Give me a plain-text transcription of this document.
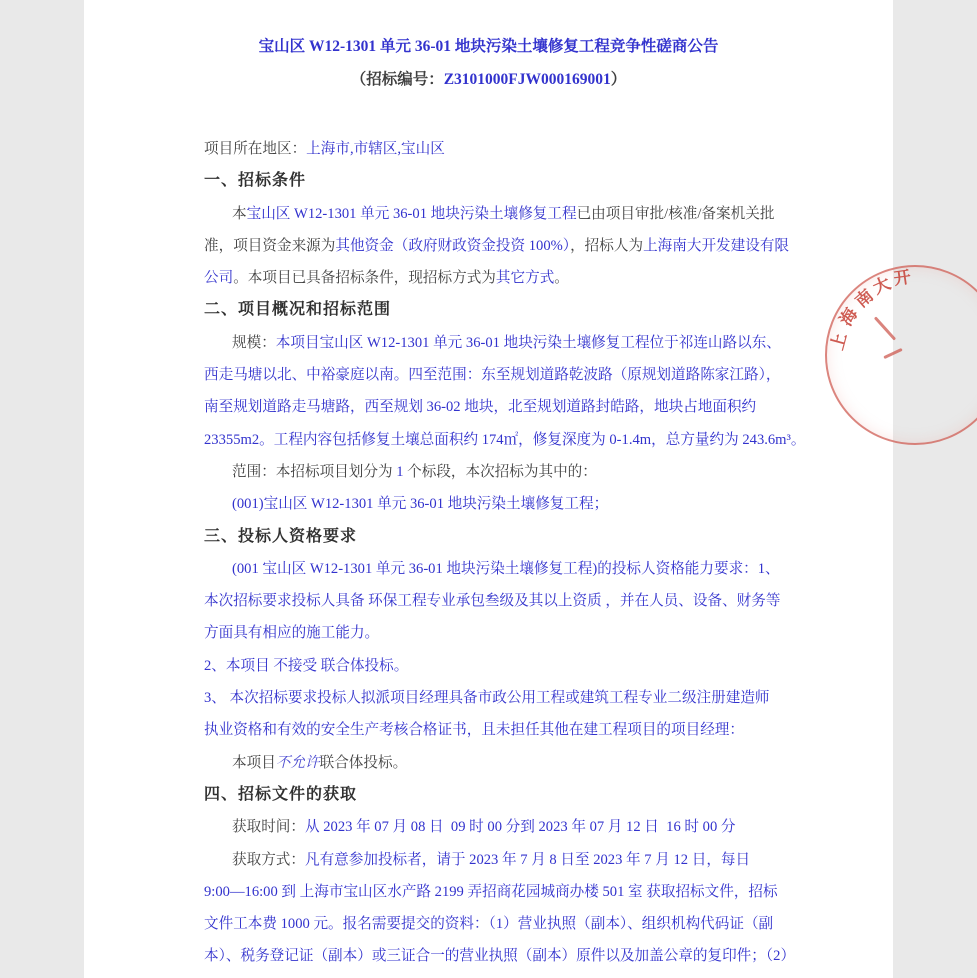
宝山区 W12-1301 单元 36-01 地块污染土壤修复工程竞争性磋商公告
（招标编号：Z3101000FJW000169001）
项目所在地区：上海市,市辖区,宝山区
一、招标条件
本宝山区 W12-1301 单元 36-01 地块污染土壤修复工程已由项目审批/核准/备案机关批
准，项目资金来源为其他资金（政府财政资金投资 100%），招标人为上海南大开发建设有限
公司。本项目已具备招标条件，现招标方式为其它方式。
二、项目概况和招标范围
规模：本项目宝山区 W12-1301 单元 36-01 地块污染土壤修复工程位于祁连山路以东、
西走马塘以北、中裕豪庭以南。四至范围：东至规划道路乾波路（原规划道路陈家江路），
南至规划道路走马塘路，西至规划 36-02 地块，北至规划道路封皓路，地块占地面积约
23355m2。工程内容包括修复土壤总面积约 174㎡，修复深度为 0-1.4m，总方量约为 243.6m³。
范围：本招标项目划分为 1 个标段，本次招标为其中的：
(001)宝山区 W12-1301 单元 36-01 地块污染土壤修复工程；
三、投标人资格要求
(001 宝山区 W12-1301 单元 36-01 地块污染土壤修复工程)的投标人资格能力要求：1、
本次招标要求投标人具备 环保工程专业承包叁级及其以上资质 ，并在人员、设备、财务等
方面具有相应的施工能力。
2、本项目 不接受 联合体投标。
3、 本次招标要求投标人拟派项目经理具备市政公用工程或建筑工程专业二级注册建造师
执业资格和有效的安全生产考核合格证书，且未担任其他在建工程项目的项目经理：
本项目不允许联合体投标。
四、招标文件的获取
获取时间：从 2023 年 07 月 08 日  09 时 00 分到 2023 年 07 月 12 日  16 时 00 分
获取方式：凡有意参加投标者，请于 2023 年 7 月 8 日至 2023 年 7 月 12 日，每日
9:00—16:00 到 上海市宝山区水产路 2199 弄招商花园城商办楼 501 室 获取招标文件，招标
文件工本费 1000 元。报名需要提交的资料：（1）营业执照（副本）、组织机构代码证（副
本）、税务登记证（副本）或三证合一的营业执照（副本）原件以及加盖公章的复印件；（2）
上
海
南
大 开
